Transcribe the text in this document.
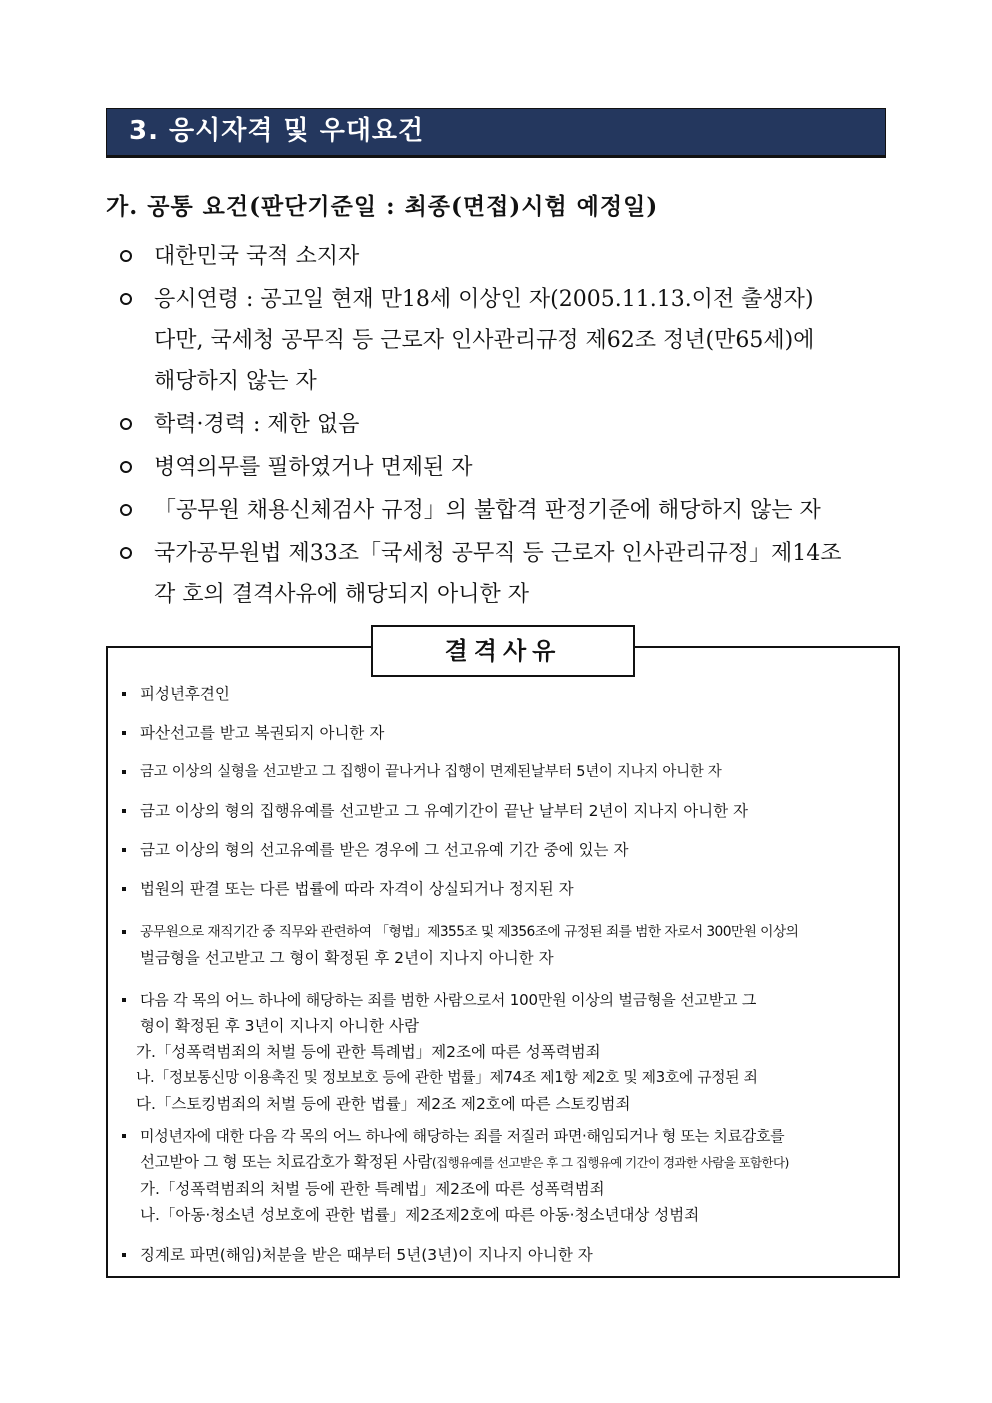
3. 응시자격 및 우대요건
가. 공통 요건(판단기준일 : 최종(면접)시험 예정일)
대한민국 국적 소지자
응시연령 : 공고일 현재 만18세 이상인 자(2005.11.13.이전 출생자)
다만, 국세청 공무직 등 근로자 인사관리규정 제62조 정년(만65세)에
해당하지 않는 자
학력·경력 : 제한 없음
병역의무를 필하였거나 면제된 자
「공무원 채용신체검사 규정」의 불합격 판정기준에 해당하지 않는 자
국가공무원법 제33조「국세청 공무직 등 근로자 인사관리규정」제14조
각 호의 결격사유에 해당되지 아니한 자
결격사유
피성년후견인
파산선고를 받고 복권되지 아니한 자
금고 이상의 실형을 선고받고 그 집행이 끝나거나 집행이 면제된날부터 5년이 지나지 아니한 자
금고 이상의 형의 집행유예를 선고받고 그 유예기간이 끝난 날부터 2년이 지나지 아니한 자
금고 이상의 형의 선고유예를 받은 경우에 그 선고유예 기간 중에 있는 자
법원의 판결 또는 다른 법률에 따라 자격이 상실되거나 정지된 자
공무원으로 재직기간 중 직무와 관련하여 「형법」제355조 및 제356조에 규정된 죄를 범한 자로서 300만원 이상의
벌금형을 선고받고 그 형이 확정된 후 2년이 지나지 아니한 자
다음 각 목의 어느 하나에 해당하는 죄를 범한 사람으로서 100만원 이상의 벌금형을 선고받고 그
형이 확정된 후 3년이 지나지 아니한 사람
가.「성폭력범죄의 처벌 등에 관한 특례법」제2조에 따른 성폭력범죄
나.「정보통신망 이용촉진 및 정보보호 등에 관한 법률」제74조 제1항 제2호 및 제3호에 규정된 죄
다.「스토킹범죄의 처벌 등에 관한 법률」제2조 제2호에 따른 스토킹범죄
미성년자에 대한 다음 각 목의 어느 하나에 해당하는 죄를 저질러 파면·해임되거나 형 또는 치료감호를
선고받아 그 형 또는 치료감호가 확정된 사람(집행유예를 선고받은 후 그 집행유예 기간이 경과한 사람을 포함한다)
가.「성폭력범죄의 처벌 등에 관한 특례법」제2조에 따른 성폭력범죄
나.「아동·청소년 성보호에 관한 법률」제2조제2호에 따른 아동·청소년대상 성범죄
징계로 파면(해임)처분을 받은 때부터 5년(3년)이 지나지 아니한 자
